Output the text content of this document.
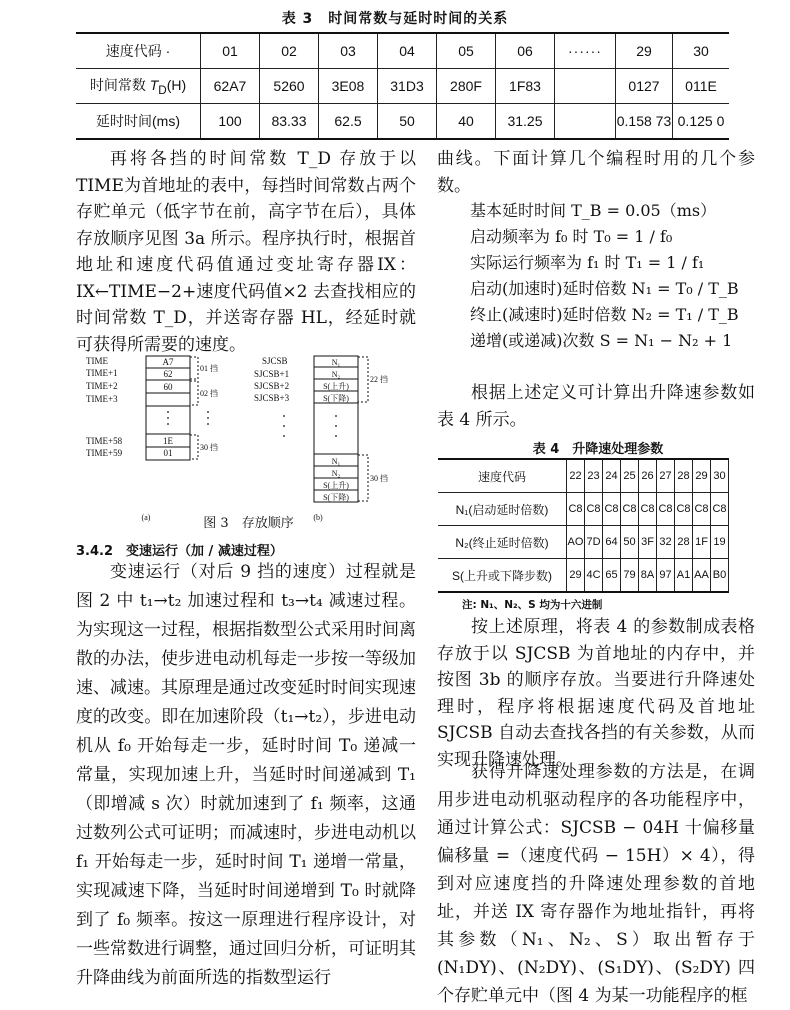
表 3　时间常数与延时时间的关系
速度代码 ·	01	02	03	04	05	06	······	29	30
时间常数 $T_D(H)$	62A7	5260	3E08	31D3	280F	1F83		0127	011E
延时时间(ms)	100	83.33	62.5	50	40	31.25		0.158 73	0.125 0

再将各挡的时间常数 T_D 存放于以TIME为首地址的表中，每挡时间常数占两个存贮单元（低字节在前，高字节在后），具体存放顺序见图 3a 所示。程序执行时，根据首地址和速度代码值通过变址寄存器IX：IX←TIME−2+速度代码值×2 去查找相应的时间常数 T_D，并送寄存器 HL，经延时就可获得所需要的速度。

TIME
TIME+1
TIME+2
TIME+3
TIME+58
TIME+59
A7
62
60
1E
01
01 挡
02 挡
30 挡
SJCSB
SJCSB+1
SJCSB+2
SJCSB+3
N₁
N₂
S(上升)
S(下降)
N₁
N₂
S(上升)
S(下降)
22 挡
30 挡
(a)	(b)
图 3　存放顺序
3.4.2　变速运行（加 / 减速过程）

变速运行（对后 9 挡的速度）过程就是图 2 中 t₁→t₂ 加速过程和 t₃→t₄ 减速过程。为实现这一过程，根据指数型公式采用时间离散的办法，使步进电动机每走一步按一等级加速、减速。其原理是通过改变延时时间实现速度的改变。即在加速阶段（t₁→t₂），步进电动机从 f₀ 开始每走一步，延时时间 T₀ 递减一常量，实现加速上升，当延时时间递减到 T₁（即增减 s 次）时就加速到了 f₁ 频率，这通过数列公式可证明；而减速时，步进电动机以 f₁ 开始每走一步，延时时间 T₁ 递增一常量，实现减速下降，当延时时间递增到 T₀ 时就降到了 f₀ 频率。按这一原理进行程序设计，对一些常数进行调整，通过回归分析，可证明其升降曲线为前面所选的指数型运行

曲线。下面计算几个编程时用的几个参数。

基本延时时间 T_B = 0.05（ms）
启动频率为 f₀ 时 T₀ = 1 / f₀
实际运行频率为 f₁ 时 T₁ = 1 / f₁
启动(加速时)延时倍数 N₁ = T₀ / T_B
终止(减速时)延时倍数 N₂ = T₁ / T_B
递增(或递减)次数 S = N₁ − N₂ + 1

根据上述定义可计算出升降速参数如表 4 所示。

表 4　升降速处理参数
速度代码	22	23	24	25	26	27	28	29	30
N₁(启动延时倍数)	C8	C8	C8	C8	C8	C8	C8	C8	C8
N₂(终止延时倍数)	AO	7D	64	50	3F	32	28	1F	19
S(上升或下降步数)	29	4C	65	79	8A	97	A1	AA	B0
注: N₁、N₂、S 均为十六进制

按上述原理，将表 4 的参数制成表格存放于以 SJCSB 为首地址的内存中，并按图 3b 的顺序存放。当要进行升降速处理时，程序将根据速度代码及首地址 SJCSB 自动去查找各挡的有关参数，从而实现升降速处理。

获得升降速处理参数的方法是，在调用步进电动机驱动程序的各功能程序中，通过计算公式：SJCSB − 04H 十偏移量　偏移量 =（速度代码 − 15H）× 4），得到对应速度挡的升降速处理参数的首地址，并送 IX 寄存器作为地址指针，再将其参数（N₁、N₂、S）取出暂存于(N₁DY)、(N₂DY)、(S₁DY)、(S₂DY) 四个存贮单元中（图 4 为某一功能程序的框
